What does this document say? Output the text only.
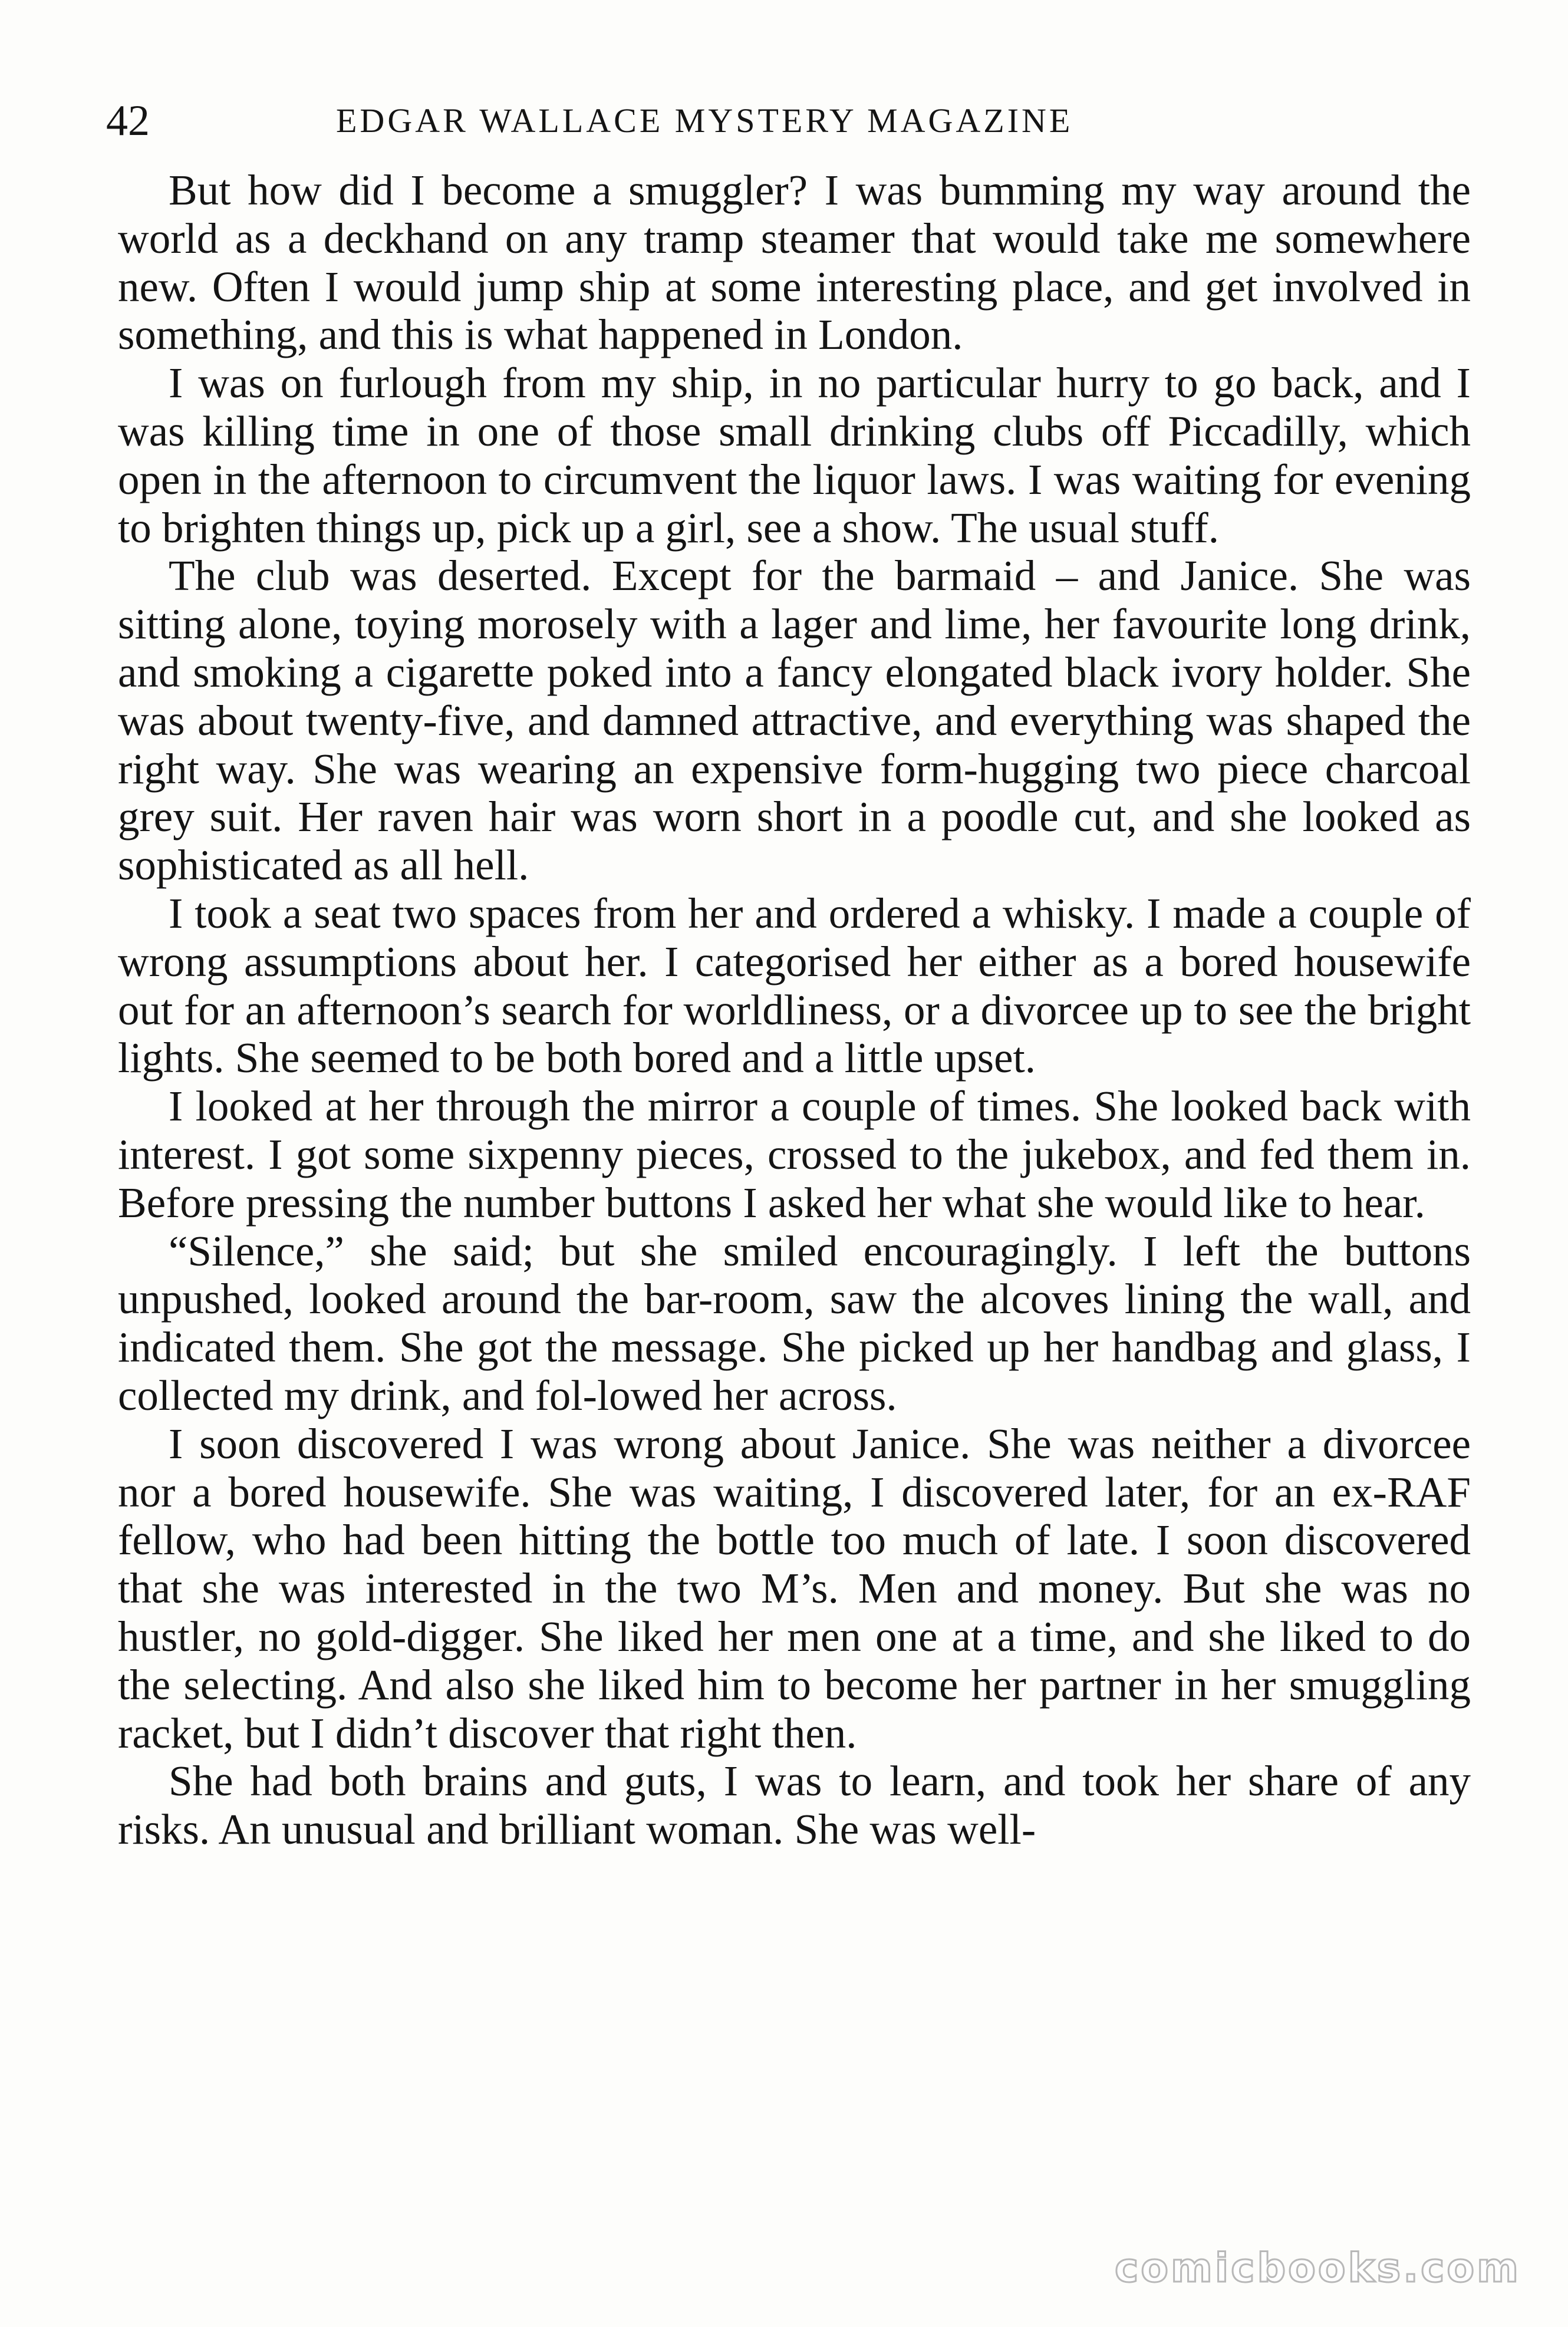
42	EDGAR WALLACE MYSTERY MAGAZINE

But how did I become a smuggler? I was bumming my way around the world as a deckhand on any tramp steamer that would take me somewhere new. Often I would jump ship at some interesting place, and get involved in something, and this is what happened in London.

I was on furlough from my ship, in no particular hurry to go back, and I was killing time in one of those small drinking clubs off Piccadilly, which open in the afternoon to circumvent the liquor laws. I was waiting for evening to brighten things up, pick up a girl, see a show. The usual stuff.

The club was deserted. Except for the barmaid – and Janice. She was sitting alone, toying morosely with a lager and lime, her favourite long drink, and smoking a cigarette poked into a fancy elongated black ivory holder. She was about twenty-five, and damned attractive, and everything was shaped the right way. She was wearing an expensive form-hugging two piece charcoal grey suit. Her raven hair was worn short in a poodle cut, and she looked as sophisticated as all hell.

I took a seat two spaces from her and ordered a whisky. I made a couple of wrong assumptions about her. I categorised her either as a bored housewife out for an afternoon’s search for worldliness, or a divorcee up to see the bright lights. She seemed to be both bored and a little upset.

I looked at her through the mirror a couple of times. She looked back with interest. I got some sixpenny pieces, crossed to the jukebox, and fed them in. Before pressing the number buttons I asked her what she would like to hear.

“Silence,” she said; but she smiled encouragingly. I left the buttons unpushed, looked around the bar-room, saw the alcoves lining the wall, and indicated them. She got the message. She picked up her handbag and glass, I collected my drink, and fol-lowed her across.

I soon discovered I was wrong about Janice. She was neither a divorcee nor a bored housewife. She was waiting, I discovered later, for an ex-RAF fellow, who had been hitting the bottle too much of late. I soon discovered that she was interested in the two M’s. Men and money. But she was no hustler, no gold-digger. She liked her men one at a time, and she liked to do the selecting. And also she liked him to become her partner in her smuggling racket, but I didn’t discover that right then.

She had both brains and guts, I was to learn, and took her share of any risks. An unusual and brilliant woman. She was well-

comicbooks.com
